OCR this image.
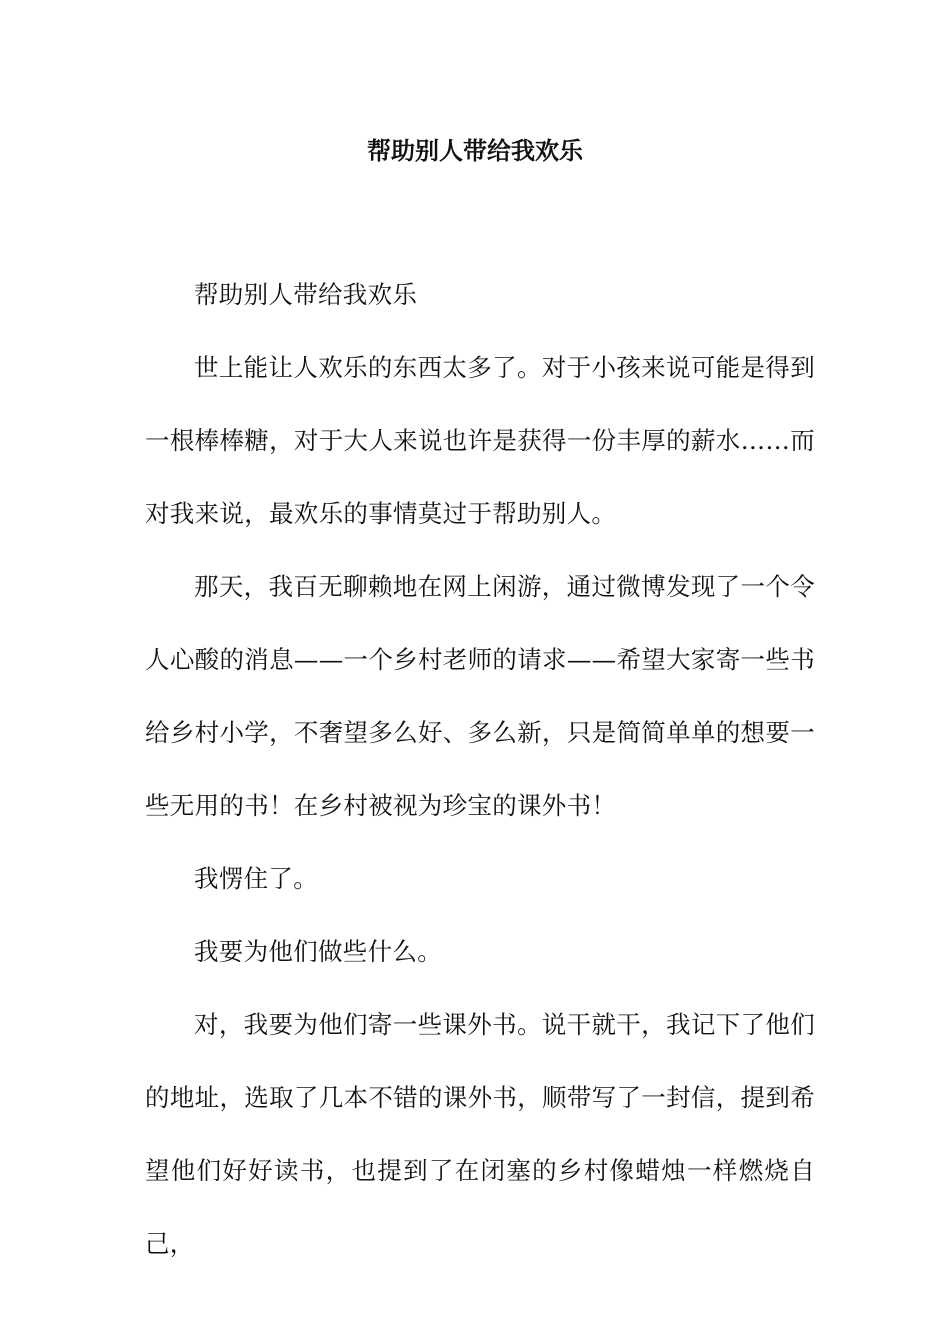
帮助别人带给我欢乐

帮助别人带给我欢乐

世上能让人欢乐的东西太多了。对于小孩来说可能是得到一根棒棒糖，对于大人来说也许是获得一份丰厚的薪水……而对我来说，最欢乐的事情莫过于帮助别人。

那天，我百无聊赖地在网上闲游，通过微博发现了一个令人心酸的消息——一个乡村老师的请求——希望大家寄一些书给乡村小学，不奢望多么好、多么新，只是简简单单的想要一些无用的书！在乡村被视为珍宝的课外书！

我愣住了。

我要为他们做些什么。

对，我要为他们寄一些课外书。说干就干，我记下了他们的地址，选取了几本不错的课外书，顺带写了一封信，提到希望他们好好读书，也提到了在闭塞的乡村像蜡烛一样燃烧自己，
